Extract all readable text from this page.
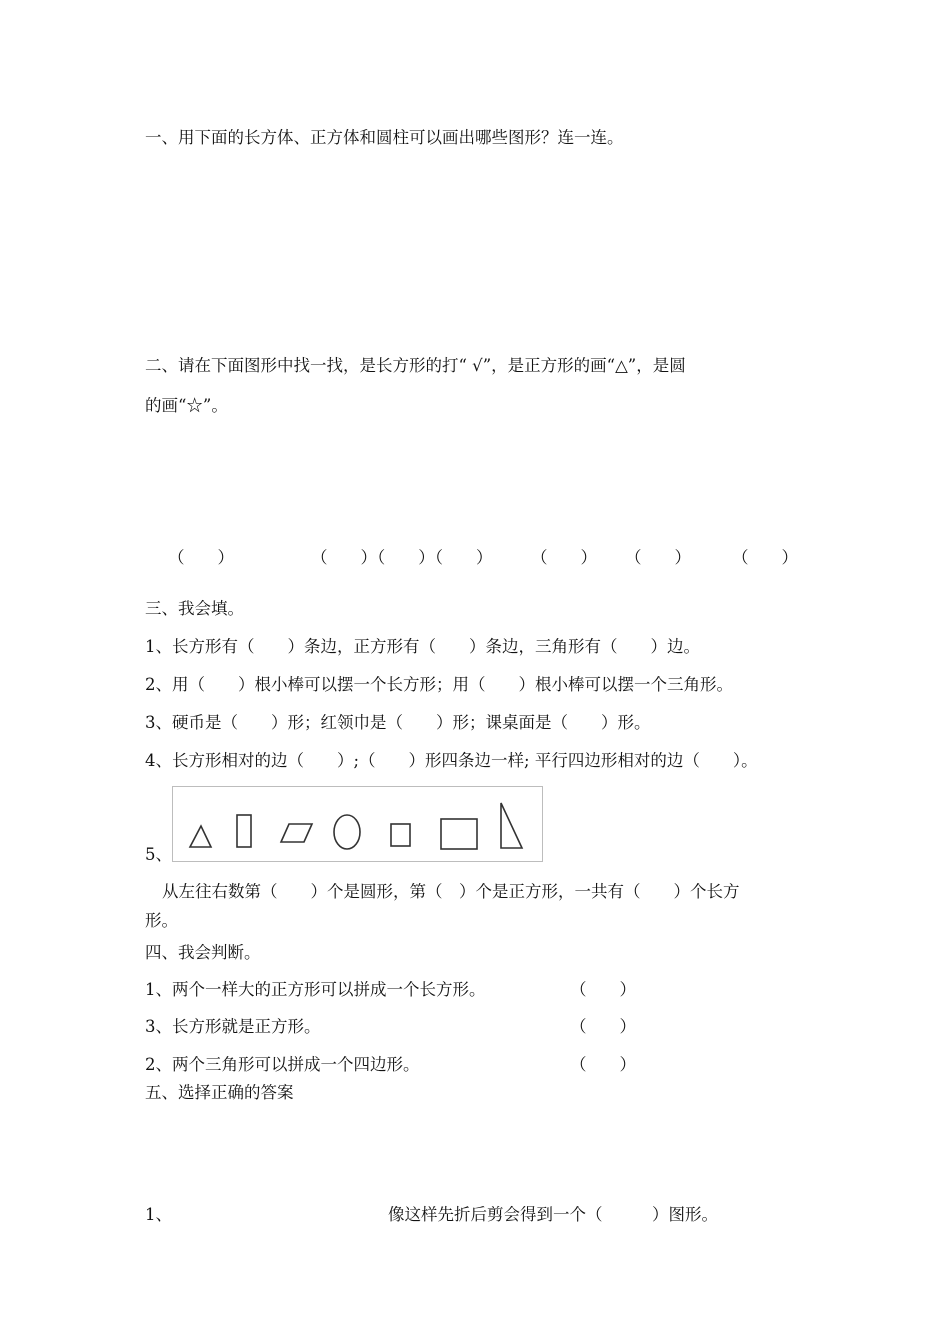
一、用下面的长方体、正方体和圆柱可以画出哪些图形？连一连。
二、请在下面图形中找一找，是长方形的打“ √”，是正方形的画“△”，是圆
的画“☆”。
（　　）	（　　）（　　）（　　） （　　） （　　） （　　）
三、我会填。
1、长方形有（　　）条边，正方形有（　　）条边，三角形有（　　）边。
2、用（　　）根小棒可以摆一个长方形；用（　　）根小棒可以摆一个三角形。
3、硬币是（　　）形；红领巾是（　　）形；课桌面是（　　）形。
4、长方形相对的边（　　）;（　　）形四条边一样; 平行四边形相对的边（　　）。
5、
从左往右数第（　　）个是圆形，第（　）个是正方形，一共有（　　）个长方
形。
四、我会判断。
1、两个一样大的正方形可以拼成一个长方形。	（　　）
3、长方形就是正方形。	（　　）
2、两个三角形可以拼成一个四边形。	（　　）
五、选择正确的答案
1、	像这样先折后剪会得到一个（　　　）图形。
